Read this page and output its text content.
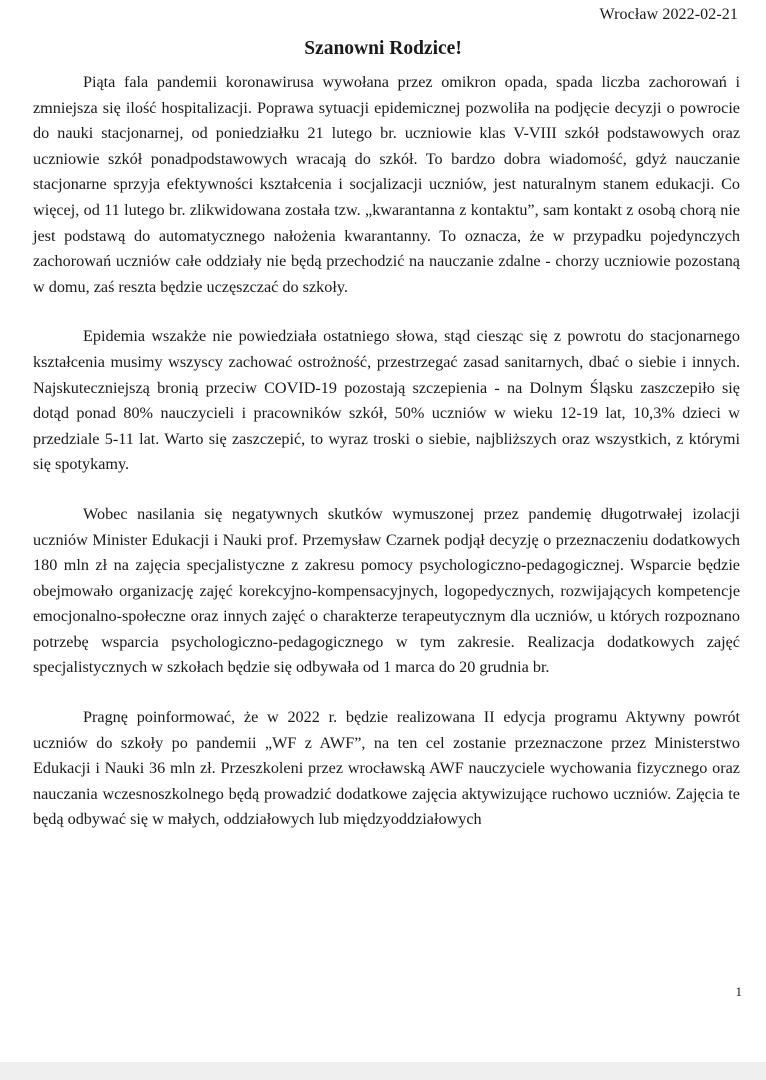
Wrocław 2022-02-21
Szanowni Rodzice!

Piąta fala pandemii koronawirusa wywołana przez omikron opada, spada liczba zachorowań i zmniejsza się ilość hospitalizacji. Poprawa sytuacji epidemicznej pozwoliła na podjęcie decyzji o powrocie do nauki stacjonarnej, od poniedziałku 21 lutego br. uczniowie klas V-VIII szkół podstawowych oraz uczniowie szkół ponadpodstawowych wracają do szkół. To bardzo dobra wiadomość, gdyż nauczanie stacjonarne sprzyja efektywności kształcenia i socjalizacji uczniów, jest naturalnym stanem edukacji. Co więcej, od 11 lutego br. zlikwidowana została tzw. „kwarantanna z kontaktu”, sam kontakt z osobą chorą nie jest podstawą do automatycznego nałożenia kwarantanny. To oznacza, że w przypadku pojedynczych zachorowań uczniów całe oddziały nie będą przechodzić na nauczanie zdalne - chorzy uczniowie pozostaną w domu, zaś reszta będzie uczęszczać do szkoły.

Epidemia wszakże nie powiedziała ostatniego słowa, stąd ciesząc się z powrotu do stacjonarnego kształcenia musimy wszyscy zachować ostrożność, przestrzegać zasad sanitarnych, dbać o siebie i innych. Najskuteczniejszą bronią przeciw COVID-19 pozostają szczepienia - na Dolnym Śląsku zaszczepiło się dotąd ponad 80% nauczycieli i pracowników szkół, 50% uczniów w wieku 12-19 lat, 10,3% dzieci w przedziale 5-11 lat. Warto się zaszczepić, to wyraz troski o siebie, najbliższych oraz wszystkich, z którymi się spotykamy.

Wobec nasilania się negatywnych skutków wymuszonej przez pandemię długotrwałej izolacji uczniów Minister Edukacji i Nauki prof. Przemysław Czarnek podjął decyzję o przeznaczeniu dodatkowych 180 mln zł na zajęcia specjalistyczne z zakresu pomocy psychologiczno-pedagogicznej. Wsparcie będzie obejmowało organizację zajęć korekcyjno-kompensacyjnych, logopedycznych, rozwijających kompetencje emocjonalno-społeczne oraz innych zajęć o charakterze terapeutycznym dla uczniów, u których rozpoznano potrzebę wsparcia psychologiczno-pedagogicznego w tym zakresie. Realizacja dodatkowych zajęć specjalistycznych w szkołach będzie się odbywała od 1 marca do 20 grudnia br.

Pragnę poinformować, że w 2022 r. będzie realizowana II edycja programu Aktywny powrót uczniów do szkoły po pandemii „WF z AWF”, na ten cel zostanie przeznaczone przez Ministerstwo Edukacji i Nauki 36 mln zł. Przeszkoleni przez wrocławską AWF nauczyciele wychowania fizycznego oraz nauczania wczesnoszkolnego będą prowadzić dodatkowe zajęcia aktywizujące ruchowo uczniów. Zajęcia te będą odbywać się w małych, oddziałowych lub międzyoddziałowych

1
